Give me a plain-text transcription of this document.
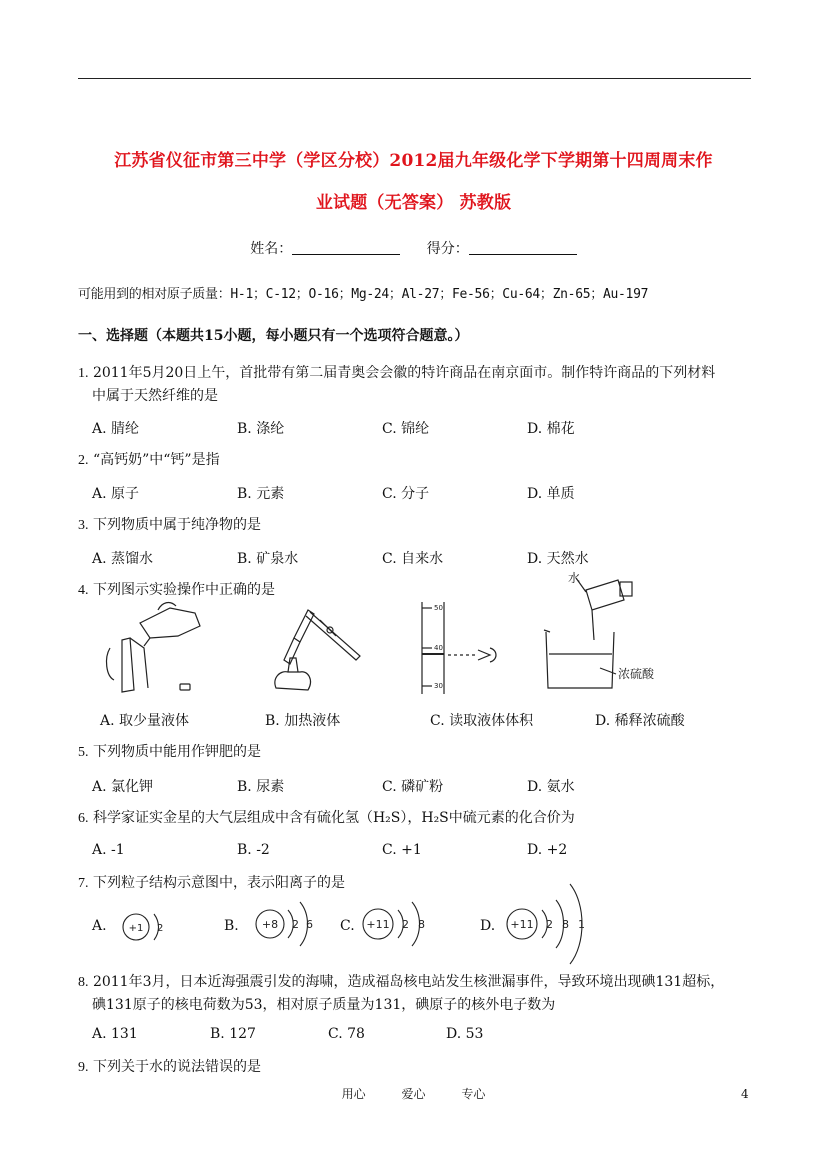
江苏省仪征市第三中学（学区分校）2012届九年级化学下学期第十四周周末作
业试题（无答案） 苏教版
姓名：	得分：
可能用到的相对原子质量：H-1；C-12；O-16；Mg-24；Al-27；Fe-56；Cu-64；Zn-65；Au-197
一、选择题（本题共15小题，每小题只有一个选项符合题意。）
1. 2011年5月20日上午，首批带有第二届青奥会会徽的特许商品在南京面市。制作特许商品的下列材料
中属于天然纤维的是
A. 腈纶	B. 涤纶	C. 锦纶	D. 棉花
2. “高钙奶”中“钙”是指
A. 原子	B. 元素	C. 分子	D. 单质
3. 下列物质中属于纯净物的是
A. 蒸馏水	B. 矿泉水	C. 自来水	D. 天然水
4. 下列图示实验操作中正确的是
50
40
30
水
浓硫酸
A. 取少量液体	B. 加热液体	C. 读取液体体积	D. 稀释浓硫酸
5. 下列物质中能用作钾肥的是
A. 氯化钾	B. 尿素	C. 磷矿粉	D. 氨水
6. 科学家证实金星的大气层组成中含有硫化氢（H₂S），H₂S中硫元素的化合价为
A. -1	B. -2	C. +1	D. +2
7. 下列粒子结构示意图中，表示阳离子的是
A. +1 2	B. +8 2 6 C. +11 2 8	D. +11 2 8 1
8. 2011年3月，日本近海强震引发的海啸，造成福岛核电站发生核泄漏事件，导致环境出现碘131超标，
碘131原子的核电荷数为53，相对原子质量为131，碘原子的核外电子数为
A. 131	B. 127	C. 78	D. 53
9. 下列关于水的说法错误的是
用心	爱心	专心	4
